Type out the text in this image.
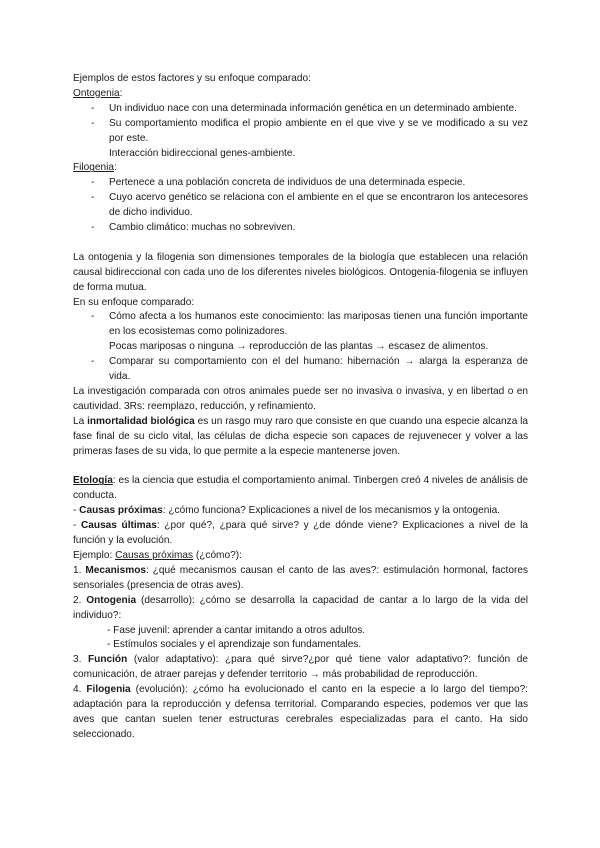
Ejemplos de estos factores y su enfoque comparado:

Ontogenia:

- Un individuo nace con una determinada información genética en un determinado ambiente.

- Su comportamiento modifica el propio ambiente en el que vive y se ve modificado a su vez por este.

Interacción bidireccional genes-ambiente.

Filogenia:

- Pertenece a una población concreta de individuos de una determinada especie.

- Cuyo acervo genético se relaciona con el ambiente en el que se encontraron los antecesores de dicho individuo.

- Cambio climático: muchas no sobreviven.

La ontogenia y la filogenia son dimensiones temporales de la biología que establecen una relación causal bidireccional con cada uno de los diferentes niveles biológicos. Ontogenia-filogenia se influyen de forma mutua.

En su enfoque comparado:

- Cómo afecta a los humanos este conocimiento: las mariposas tienen una función importante en los ecosistemas como polinizadores.

Pocas mariposas o ninguna → reproducción de las plantas → escasez de alimentos.

- Comparar su comportamiento con el del humano: hibernación → alarga la esperanza de vida.

La investigación comparada con otros animales puede ser no invasiva o invasiva, y en libertad o en cautividad. 3Rs: reemplazo, reducción, y refinamiento.

La inmortalidad biológica es un rasgo muy raro que consiste en que cuando una especie alcanza la fase final de su ciclo vital, las células de dicha especie son capaces de rejuvenecer y volver a las primeras fases de su vida, lo que permite a la especie mantenerse joven.

Etología: es la ciencia que estudia el comportamiento animal. Tinbergen creó 4 niveles de análisis de conducta.

- Causas próximas: ¿cómo funciona? Explicaciones a nivel de los mecanismos y la ontogenia.

- Causas últimas: ¿por qué?, ¿para qué sirve? y ¿de dónde viene? Explicaciones a nivel de la función y la evolución.

Ejemplo: Causas próximas (¿cómo?):

1. Mecanismos: ¿qué mecanismos causan el canto de las aves?: estimulación hormonal, factores sensoriales (presencia de otras aves).

2. Ontogenia (desarrollo): ¿cómo se desarrolla la capacidad de cantar a lo largo de la vida del individuo?:

- Fase juvenil: aprender a cantar imitando a otros adultos.

- Estímulos sociales y el aprendizaje son fundamentales.

3. Función (valor adaptativo): ¿para qué sirve?¿por qué tiene valor adaptativo?: función de comunicación, de atraer parejas y defender territorio → más probabilidad de reproducción.

4. Filogenia (evolución): ¿cómo ha evolucionado el canto en la especie a lo largo del tiempo?: adaptación para la reproducción y defensa territorial. Comparando especies, podemos ver que las aves que cantan suelen tener estructuras cerebrales especializadas para el canto. Ha sido seleccionado.
